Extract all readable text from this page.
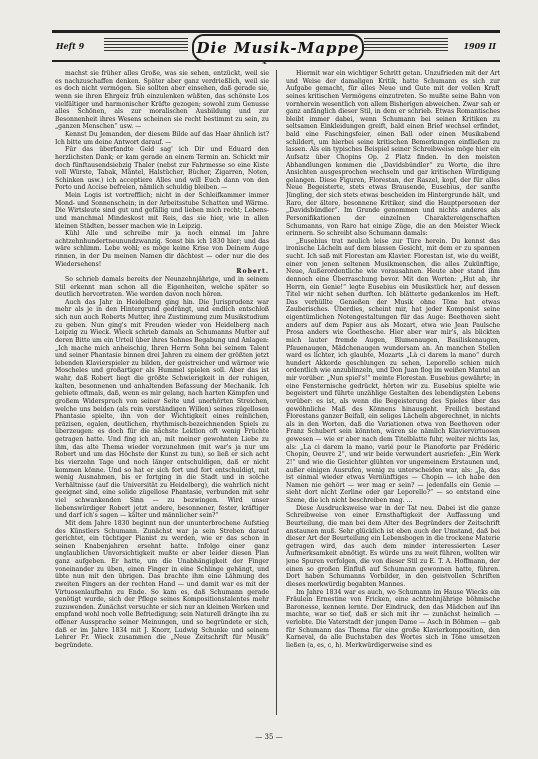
Heft 9	Die Musik-Mappe	1909 II
❧

machst sie früher alles Große, was sie sehen, entzückt, weil sie es nachzuschaffen denken. Später aber ganz verdrießlich, weil sie es doch nicht vermögen. Sie sollten aber einsehen, daß gerade sie, wenn sie ihren Ehrgeiz früh einzulenken wüßten, das schönste Los vielfältiger und harmonischer Kräfte gezogen; sowohl zum Genusse alles Schönen, als zur moralischen Ausbildung und zur Besonnenheit ihres Wesens scheinen sie recht bestimmt zu sein, zu „ganzen Menschen“ usw. —

Kennst Du Jemanden, der diesem Bilde auf das Haar ähnlich ist? Ich bitte um deine Antwort darauf. —

Für das überfandte Geld sag' ich Dir und Eduard den herzlichsten Dank; er kam gerade an einem Termin an. Schickt mir doch fünftausendsiebzig Thaler (nebst zur Fahrmesse so eine Kiste voll Würste, Tabak, Mäntel, Halstücher, Bücher, Zigarren, Noten, Schinken usw.) ich acceptiere Alles und will Euch dann von den Porto und Accise befreien, nämlich schuldig bleiben. —

Mein Logis ist vortrefflich; nicht in der Schleifkammer immer Mond- und Sonnenschein; in der Arbeitsstube Schatten und Wärme. Die Wirtsleute sind gut und gefällig und lieben mich recht; Lebens- und manchmal Mindeskost mit Reis, das sie hier, wie in allen kleinen Städten, besser machen wie in Leipzig.

Kühl Alle und schreibe mir ja noch einmal im Jahre achtzehnhundertneunundzwanzig. Sonst bin ich 1830 hier; und das wäre schlimm. Lebe wohl; es möge keine Krise von Deinem Auge rinnen, in der Du meinen Namen dir dächtest — oder nur die des Wiedersehens!

Robert.

So schrieb damals bereits der Neunzehnjährige, und in seinem Stil erkennt man schon all die Eigenheiten, welche später so deutlich hervortraten. Wie werden davon noch hören.

Auch das Jahr in Heidelberg ging hin. Die Jurisprudenz war mehr als je in den Hintergrund gedrängt, und endlich entschloß sich nun auch Roberts Mutter, ihre Zustimmung zum Musikstudium zu geben. Nun ging's mit Freuden wieder von Heidelberg nach Leipzig zu Wieck. Wieck schrieb damals an Schumanns Mutter auf deren Bitte um ein Urteil über ihres Sohnes Begabung und Anlagen: „Ich mache mich anheischig, Ihren Herrn Sohn bei seinem Talent und seiner Phantasie binnen drei Jahren zu einem der größten jetzt lebenden Klavierspieler zu bilden, der geistreicher und wärmer wie Moscheles und großartiger als Hummel spielen soll. Aber das ist wahr, daß Robert liegt die größte Schwierigkeit in der ruhigen, kalten, besonnenen und anhaltenden Befassung der Mechanik. Ich gebiete oftmals, daß, wenn es mir gelang, nach harten Kämpfen und großem Widerspruch von seiner Seite und unerhörten Streichen, welche uns beiden (als rein verständigen Willen) seines zügellosen Phantasie spielte, ihn von der Wichtigkeit eines reinlichen, präzisen, egalen, deutlichen, rhythmisch-bezeichnenden Spiels zu überzeugen: es doch für die nächste Lektion oft wenig Früchte getragen hatte. Und fing ich an, mit meiner gewohnten Liebe zu ihm, das alte Thema wieder vorzunehmen (mit war's ja nur um Robert und um das Höchste der Kunst zu tun), so ließ er sich acht bis vierzehn Tage und noch länger entschuldigen, daß er nicht kommen könne. Und so hat er sich fort und fort entschuldigt, mit wenig Ausnahmen, bis er fortging in die Stadt und in solche Verhältnisse (auf die Universität zu Heidelberg), die wahrlich nicht geeignet sind, eine solide zügellose Phantasie, verbunden mit sehr viel schwankenden Sinn — zu bezwingen. Wird unser liebenswürdiger Robert jetzt andere, besonnener, fester, kräftiger und darf ich's sagen — kälter und männlicher sein?“

Mit dem Jahre 1830 beginnt nun der ununterbrochene Aufstieg des Künstlers Schumann. Zunächst war ja sein Streben darauf gerichtet, ein tüchtiger Pianist zu werden, wie er das schon in seinen Knabenjahren ersehnt hatte. Infolge einer ganz unglaublichen Unvorsichtigkeit mußte er aber leider diesen Plan ganz aufgeben. Er hatte, um die Unabhängigkeit der Finger voneinander zu üben, einen Finger in eine Schlinge gehängt, und übte nun mit den übrigen. Das brachte ihm eine Lähmung des zweiten Fingers an der rechten Hand — und damit war es mit der Virtuosenlaufbahn zu Ende. So kam es, daß Schumann gerade genötigt wurde, sich der Pflege seines Kompositionstalentes mehr zuzuwenden. Zunächst versuchte er sich nur an kleinen Werken und empfand wohl noch volle Befriedigung; sein Naturell drängte ihn zu offener Aussprache seiner Meinungen, und so begründete er sich, daß er im Jahre 1834 mit J. Knorr, Ludwig Schunke und seinem Lehrer Fr. Wieck zusammen die „Neue Zeitschrift für Musik“ begründete.

Hiermit war ein wichtiger Schritt getan. Unzufrieden mit der Art und Weise der damaligen Kritik, hatte Schumann es sich zur Aufgabe gemacht, für alles Neue und Gute mit der vollen Kraft seines kritischen Vermögens einzutreten. So mußte seine Bahn von vornherein wesentlich von allem Bisherigen abweichen. Zwar sah er ganz anfänglich dieser Stil, in dem er schrieb. Etwas Romantisches bleibt immer dabei, wenn Schumann bei seinen Kritiken zu seltsamen Einkleidungen greift, bald einen Brief wechsel erfindet, bald eine Faschingsfeier, einen Ball oder einen Musikabend schildert, um hierbei seine kritischen Bemerkungen einfließen zu lassen. Als ein typisches Beispiel seiner Schreibweise möge hier ein Aufsatz über Chopins Op. 2 Platz finden. In den meisten Abhandlungen kommen die „Davidsbündler“ zu Worte, die ihre Ansichten ausgesprochen wechseln und gar kritischen Würdigung gelangen. Diese Figuren, Florestan, der Raszel, kopf, der für alles Neue Begeisterte, stets etwas Brausende, Eusebius, der sanfte Jüngling, der sich stets etwas bescheiden im Hintergrunde hält, und Raro, der ältere, besonnene Kritiker, sind die Hauptpersonen der „Davidsbündler“. Im Grunde genommen und nichts anderes als Personifikationen der einzelnen Charaktereigenschaften Schumanns, von Raro hat einige Züge, die an den Meister Wieck erinnern. So schreibt also Schumann damals:

„Eusebius trat neulich leise zur Türe herein. Du kennst das ironische Lächeln auf dem blassen Gesicht, mit dem er zu spannen sucht. Ich saß mit Florestan am Klavier. Florestan ist, wie du weißt, einer von jenen seltenen Musikmenschen, die alles Zukünftige, Neue, Außerordentliche wie vorausahnen. Heute aber stand ihm dennoch eine Überraschung bevor. Mit den Worten: „Hut ab, ihr Herrn, ein Genie!“ legte Eusebius ein Musikstück her, auf dessen Titel wir nicht sehen durften. Ich blätterte gedankenlos im Heft. Das verhüllte Genießen der Musik ohne Töne hat etwas Zauberisches. Überdies, scheint mir, hat jeder Komponist seine eigentümlichen Notengestaltungen für das Auge: Beethoven sieht anders auf dem Papier aus als Mozart, etwa wie Jean Paulsche Prosa anders wie Goethesche. Hier aber war mir's, als blickten mich lauter fremde Augen, Blumenaugen, Basiliskenaugen, Pfauenaugen, Mädchenaugen wundersam an. An manchen Stellen ward es lichter, ich glaubte, Mozarts „Là ci darem la mano“ durch hundert Akkorde geschlungen zu sehen, Leporello schien mich ordentlich wie anzublinzeln, und Don Juan flog im weißen Mantel an mir vorüber. „Nun spiel's!“ meinte Florestan. Eusebius gewährte; in eine Fensternische gedrückt, hörten wir zu. Eusebius spielte wie begeistert und führte unzählige Gestalten des lebendigsten Lebens vorüber: es ist, als wenn die Begeisterung des Spieles über das gewöhnliche Maß des Könnens hinausgeht. Freilich bestand Florestans ganzer Beifall, ein seliges Lächeln abgerechnet, in nichts als in den Worten, daß die Variationen etwa von Beethoven oder Franz Schubert sein könnten, wären sie nämlich Klaviervirtuosen gewesen — wie er aber nach dem Titelblatte fuhr, weiter nichts las, als: „La ci darem la mano, varié pour le Pianoforte par Frédéric Chopin, Oeuvre 2“, und wir beide verwundert ausriefen: „Ein Werk 2!“ und wie die Gesichter glühten vor ungemeinem Erstaunen und, außer einigen Ausrufen, wenig zu unterscheiden war, als: „Ja, das ist einmal wieder etwas Vernünftiges — Chopin — ich habe den Namen nie gehört — wer mag er sein? — jedenfalls ein Genie — sieht dort nicht Zerline oder gar Leporello?“ — so entstand eine Szene, die ich nicht beschreiben mag. …

Diese Ausdrucksweise war in der Tat neu. Dabei ist die ganze Schreibweise von einer Ernsthaftigkeit der Auffassung und Beurteilung, die man bei dem Alter des Begründers der Zeitschrift anstaunen muß. Sehr glücklich ist eben auch der Umstand, daß bei dieser Art der Beurteilung ein Lebensbogen in die trockene Materie getragen wird, das auch dem minder interessierten Leser Aufmerksamkeit abnötigt. Es würde uns zu weit führen, wollten wir jene Spuren verfolgen, die von dieser Stil zu E. T. A. Hoffmann, der einen so großen Einfluß auf Schumann gewonnen hatte, führen. Dort haben Schumanns Vorbilder, in den geistvollen Schriften dieses merkwürdig begabten Mannes.

Im Jahre 1834 war es auch, wo Schumann im Hause Wiecks ein Fräulein Ernestine von Fricken, eine achtzehnjährige böhmische Baronesse, kennen lernte. Der Eindruck, den das Mädchen auf ihn machte, war so tief, daß er sich mit ihr — zunächst heimlich — verlobte. Die Vaterstadt der jungen Dame — Asch in Böhmen — gab für Schumann das Thema für eine große Klavierkomposition, den Karneval, da alle Buchstaben des Wortes sich in Töne umsetzen ließen (a, es, c, h). Merkwürdigerweise sind es

— 35 —
